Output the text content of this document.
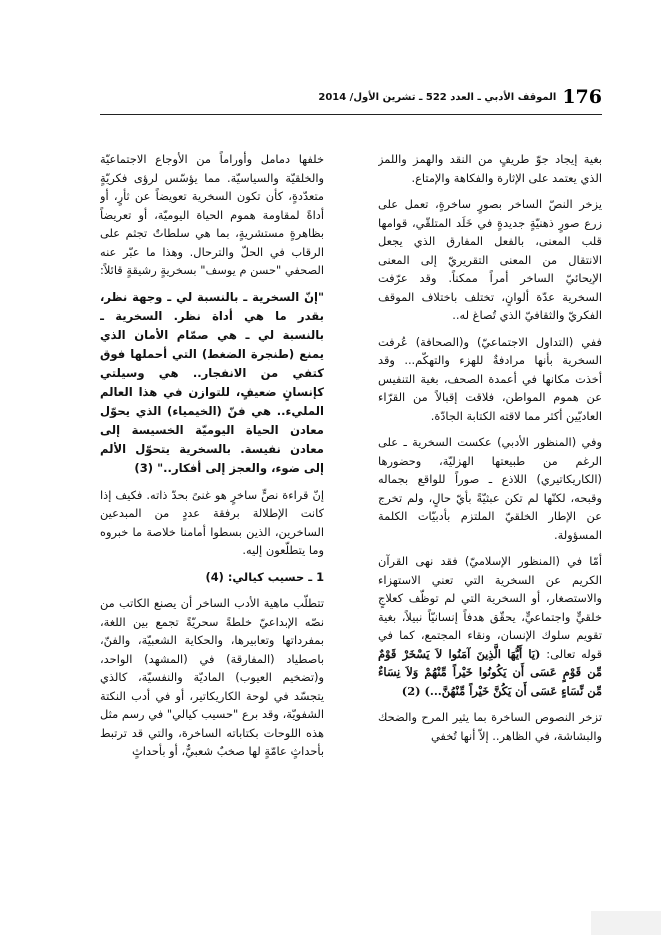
176
الموقف الأدبي ـ العدد 522 ـ تشرين الأول/ 2014

بغية إيجاد جوّ طريفٍ من النقد والهمز واللمز الذي يعتمد على الإثارة والفكاهة والإمتاع.

يزخر النصّ الساخر بصورٍ ساخرةٍ، تعمل على زرع صورٍ ذهنيّةٍ جديدةٍ في خَلَد المتلقّي، قوامها قلب المعنى، بالفعل المفارق الذي يجعل الانتقال من المعنى التقريريّ إلى المعنى الإيحائيّ الساخر أمراً ممكناً. وقد عرّفت السخرية عدّة ألوانٍ، تختلف باختلاف الموقف الفكريّ والثقافيّ الذي تُصاغ له..

ففي (التداول الاجتماعيّ) و(الصحافة) عُرفت السخرية بأنها مرادفةٌ للهزء والتهكّم... وقد أخذت مكانها في أعمدة الصحف، بغية التنفيس عن هموم المواطن، فلاقت إقبالاً من القرّاء العاديّين أكثر مما لاقته الكتابة الجادّة.

وفي (المنظور الأدبي) عكست السخرية ـ على الرغم من طبيعتها الهزليّة، وحضورها (الكاريكاتيري) اللاذع ـ صوراً للواقع بجماله وقبحه، لكنّها لم تكن عبثيّةً بأيّ حالٍ، ولم تخرج عن الإطار الخلقيّ الملتزم بأدبيّات الكلمة المسؤولة.

أمّا في (المنظور الإسلاميّ) فقد نهى القرآن الكريم عن السخرية التي تعني الاستهزاء والاستصغار، أو السخرية التي لم توظّف كعلاجٍ خلقيٍّ واجتماعيٍّ، يحقّق هدفاً إنسانيّاً نبيلاً، بغية تقويم سلوك الإنسان، ونقاء المجتمع، كما في قوله تعالى: (يَا أَيُّهَا الَّذِينَ آمَنُوا لاَ يَسْخَرْ قَوْمٌ مِّن قَوْمٍ عَسَى أَن يَكُونُوا خَيْراً مِّنْهُمْ وَلاَ نِسَاءٌ مِّن نِّسَاءٍ عَسَى أَن يَكُنَّ خَيْراً مِّنْهُنَّ...) (2)

تزخر النصوص الساخرة بما يثير المرح والضحك والبشاشة، في الظاهر.. إلاّ أنها تُخفي

خلفها دمامل وأوراماً من الأوجاع الاجتماعيّة والخلقيّة والسياسيّة. مما يؤسّس لرؤى فكريّةٍ متعدّدةٍ، كأن تكون السخرية تعويضاً عن ثأرٍ، أو أداةً لمقاومة هموم الحياة اليوميّة، أو تعريضاً بظاهرةٍ مستشريةٍ، بما هي سلطاتٌ تجثم على الرقاب في الحلّ والترحال. وهذا ما عبّر عنه الصحفي "حسن م يوسف" بسخريةٍ رشيقةٍ قائلاً:

"إنّ السخرية ـ بالنسبة لي ـ وجهة نظر، بقدر ما هي أداة نظر. السخرية ـ بالنسبة لي ـ هي صمّام الأمان الذي يمنع (طنجرة الضغط) التي أحملها فوق كتفي من الانفجار.. هي وسيلتي كإنسانٍ ضعيفٍ، للتوازن في هذا العالم المليء.. هي فنّ (الخيمياء) الذي يحوّل معادن الحياة اليوميّة الخسيسة إلى معادن نفيسة. بالسخرية يتحوّل الألم إلى ضوء، والعجز إلى أفكار.." (3)

إنّ قراءة نصٍّ ساخرٍ هو غنىً بحدّ ذاته. فكيف إذا كانت الإطلالة برفقة عددٍ من المبدعين الساخرين، الذين بسطوا أمامنا خلاصة ما خبروه وما يتطلّعون إليه.

1 ـ حسيب كيالي: (4)

تتطلّب ماهية الأدب الساخر أن يصنع الكاتب من نصّه الإبداعيّ خلطةً سحريّةً تجمع بين اللغة، بمفرداتها وتعابيرها، والحكاية الشعبيّة، والفنّ، باصطياد (المفارقة) في (المشهد) الواحد، و(تضخيم العيوب) الماديّة والنفسيّة، كالذي يتجسّد في لوحة الكاريكاتير، أو في أدب النكتة الشفويّة، وقد برع "حسيب كيالي" في رسم مثل هذه اللوحات بكتاباته الساخرة، والتي قد ترتبط بأحداثٍ عامّةٍ لها صخبٌ شعبيٌّ، أو بأحداثٍ
